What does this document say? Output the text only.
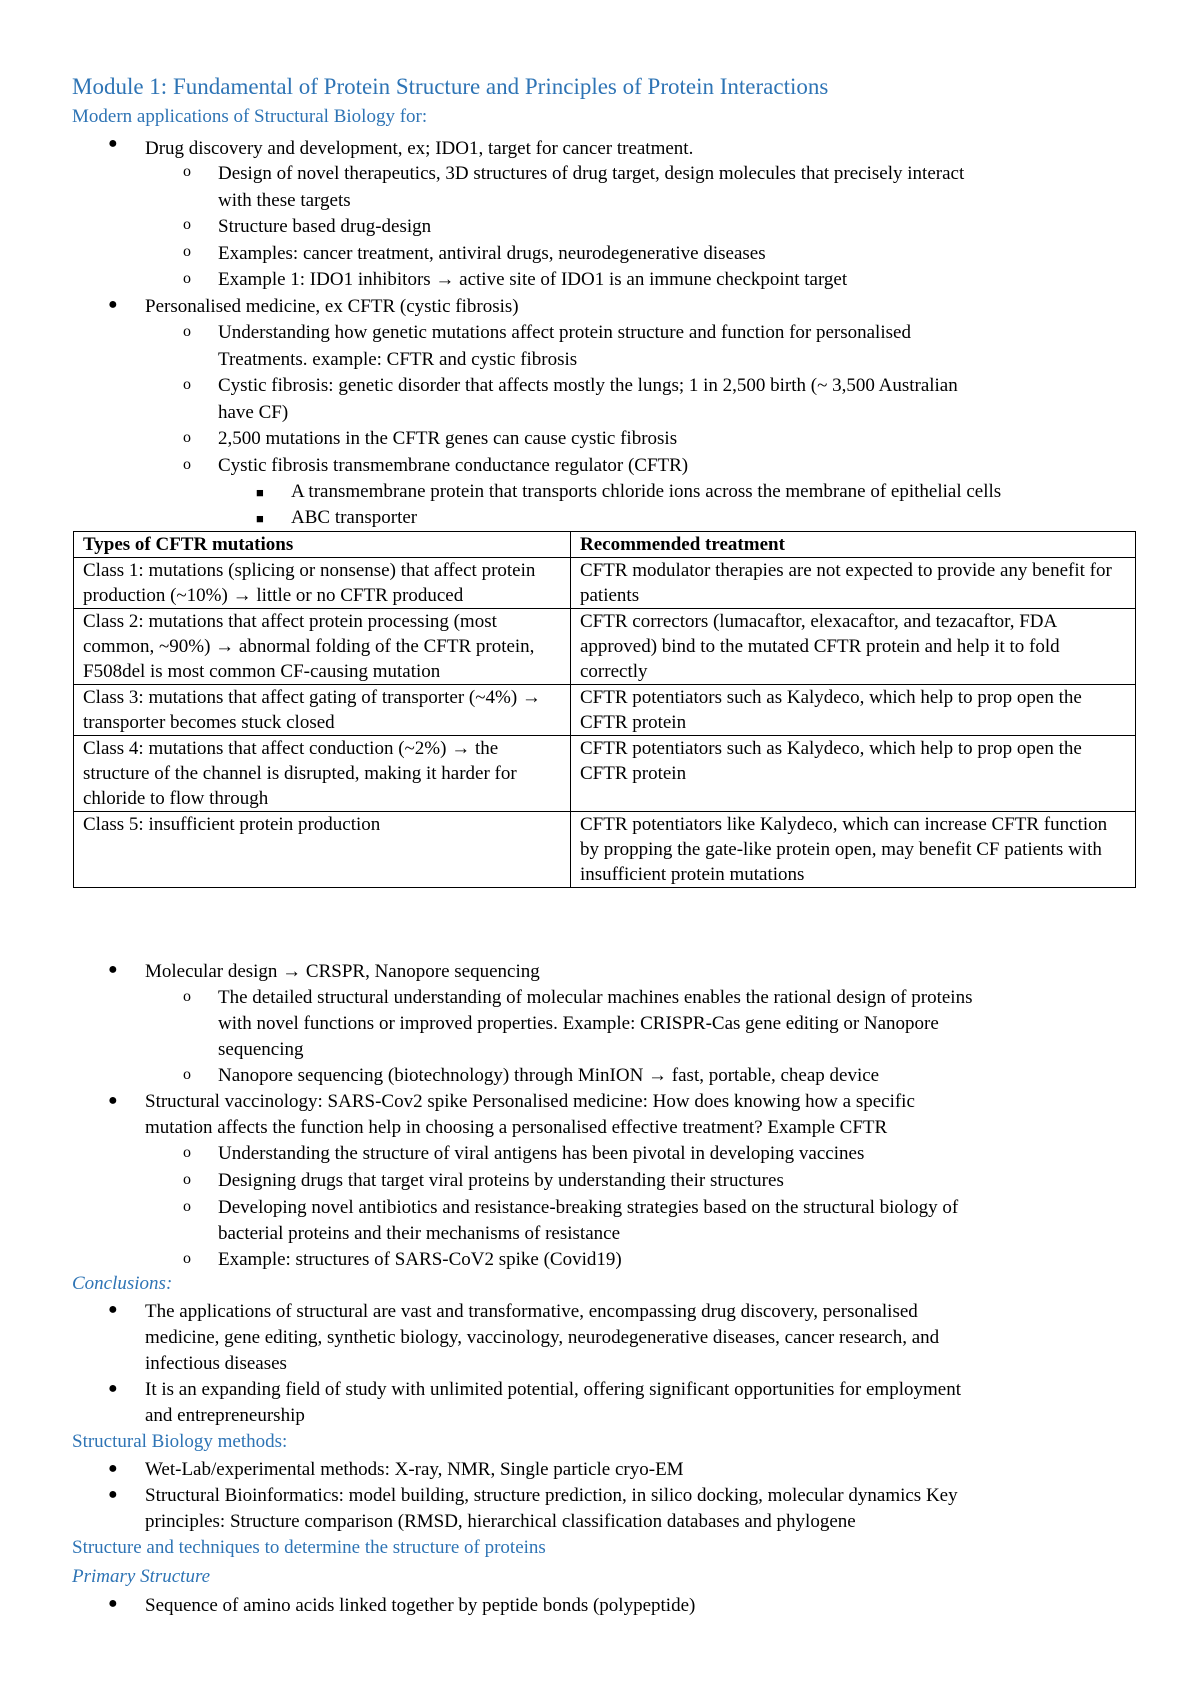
Module 1: Fundamental of Protein Structure and Principles of Protein Interactions
Modern applications of Structural Biology for:
● Drug discovery and development, ex; IDO1, target for cancer treatment.
o Design of novel therapeutics, 3D structures of drug target, design molecules that precisely interact
with these targets
o Structure based drug-design
o Examples: cancer treatment, antiviral drugs, neurodegenerative diseases
o Example 1: IDO1 inhibitors → active site of IDO1 is an immune checkpoint target
● Personalised medicine, ex CFTR (cystic fibrosis)
o Understanding how genetic mutations affect protein structure and function for personalised
Treatments. example: CFTR and cystic fibrosis
o Cystic fibrosis: genetic disorder that affects mostly the lungs; 1 in 2,500 birth (~ 3,500 Australian
have CF)
o 2,500 mutations in the CFTR genes can cause cystic fibrosis
o Cystic fibrosis transmembrane conductance regulator (CFTR)
■ A transmembrane protein that transports chloride ions across the membrane of epithelial cells
■ ABC transporter
Types of CFTR mutations	Recommended treatment
Class 1: mutations (splicing or nonsense) that affect protein production (~10%) → little or no CFTR produced	CFTR modulator therapies are not expected to provide any benefit for patients
Class 2: mutations that affect protein processing (most common, ~90%) → abnormal folding of the CFTR protein, F508del is most common CF-causing mutation	CFTR correctors (lumacaftor, elexacaftor, and tezacaftor, FDA approved) bind to the mutated CFTR protein and help it to fold correctly
Class 3: mutations that affect gating of transporter (~4%) → transporter becomes stuck closed	CFTR potentiators such as Kalydeco, which help to prop open the CFTR protein
Class 4: mutations that affect conduction (~2%) → the structure of the channel is disrupted, making it harder for chloride to flow through	CFTR potentiators such as Kalydeco, which help to prop open the CFTR protein
Class 5: insufficient protein production	CFTR potentiators like Kalydeco, which can increase CFTR function by propping the gate-like protein open, may benefit CF patients with insufficient protein mutations
● Molecular design → CRSPR, Nanopore sequencing
o The detailed structural understanding of molecular machines enables the rational design of proteins
with novel functions or improved properties. Example: CRISPR-Cas gene editing or Nanopore
sequencing
o Nanopore sequencing (biotechnology) through MinION → fast, portable, cheap device
● Structural vaccinology: SARS-Cov2 spike Personalised medicine: How does knowing how a specific
mutation affects the function help in choosing a personalised effective treatment? Example CFTR
o Understanding the structure of viral antigens has been pivotal in developing vaccines
o Designing drugs that target viral proteins by understanding their structures
o Developing novel antibiotics and resistance-breaking strategies based on the structural biology of
bacterial proteins and their mechanisms of resistance
o Example: structures of SARS-CoV2 spike (Covid19)
Conclusions:
● The applications of structural are vast and transformative, encompassing drug discovery, personalised
medicine, gene editing, synthetic biology, vaccinology, neurodegenerative diseases, cancer research, and
infectious diseases
● It is an expanding field of study with unlimited potential, offering significant opportunities for employment
and entrepreneurship
Structural Biology methods:
● Wet-Lab/experimental methods: X-ray, NMR, Single particle cryo-EM
● Structural Bioinformatics: model building, structure prediction, in silico docking, molecular dynamics Key
principles: Structure comparison (RMSD, hierarchical classification databases and phylogene
Structure and techniques to determine the structure of proteins
Primary Structure
● Sequence of amino acids linked together by peptide bonds (polypeptide)
